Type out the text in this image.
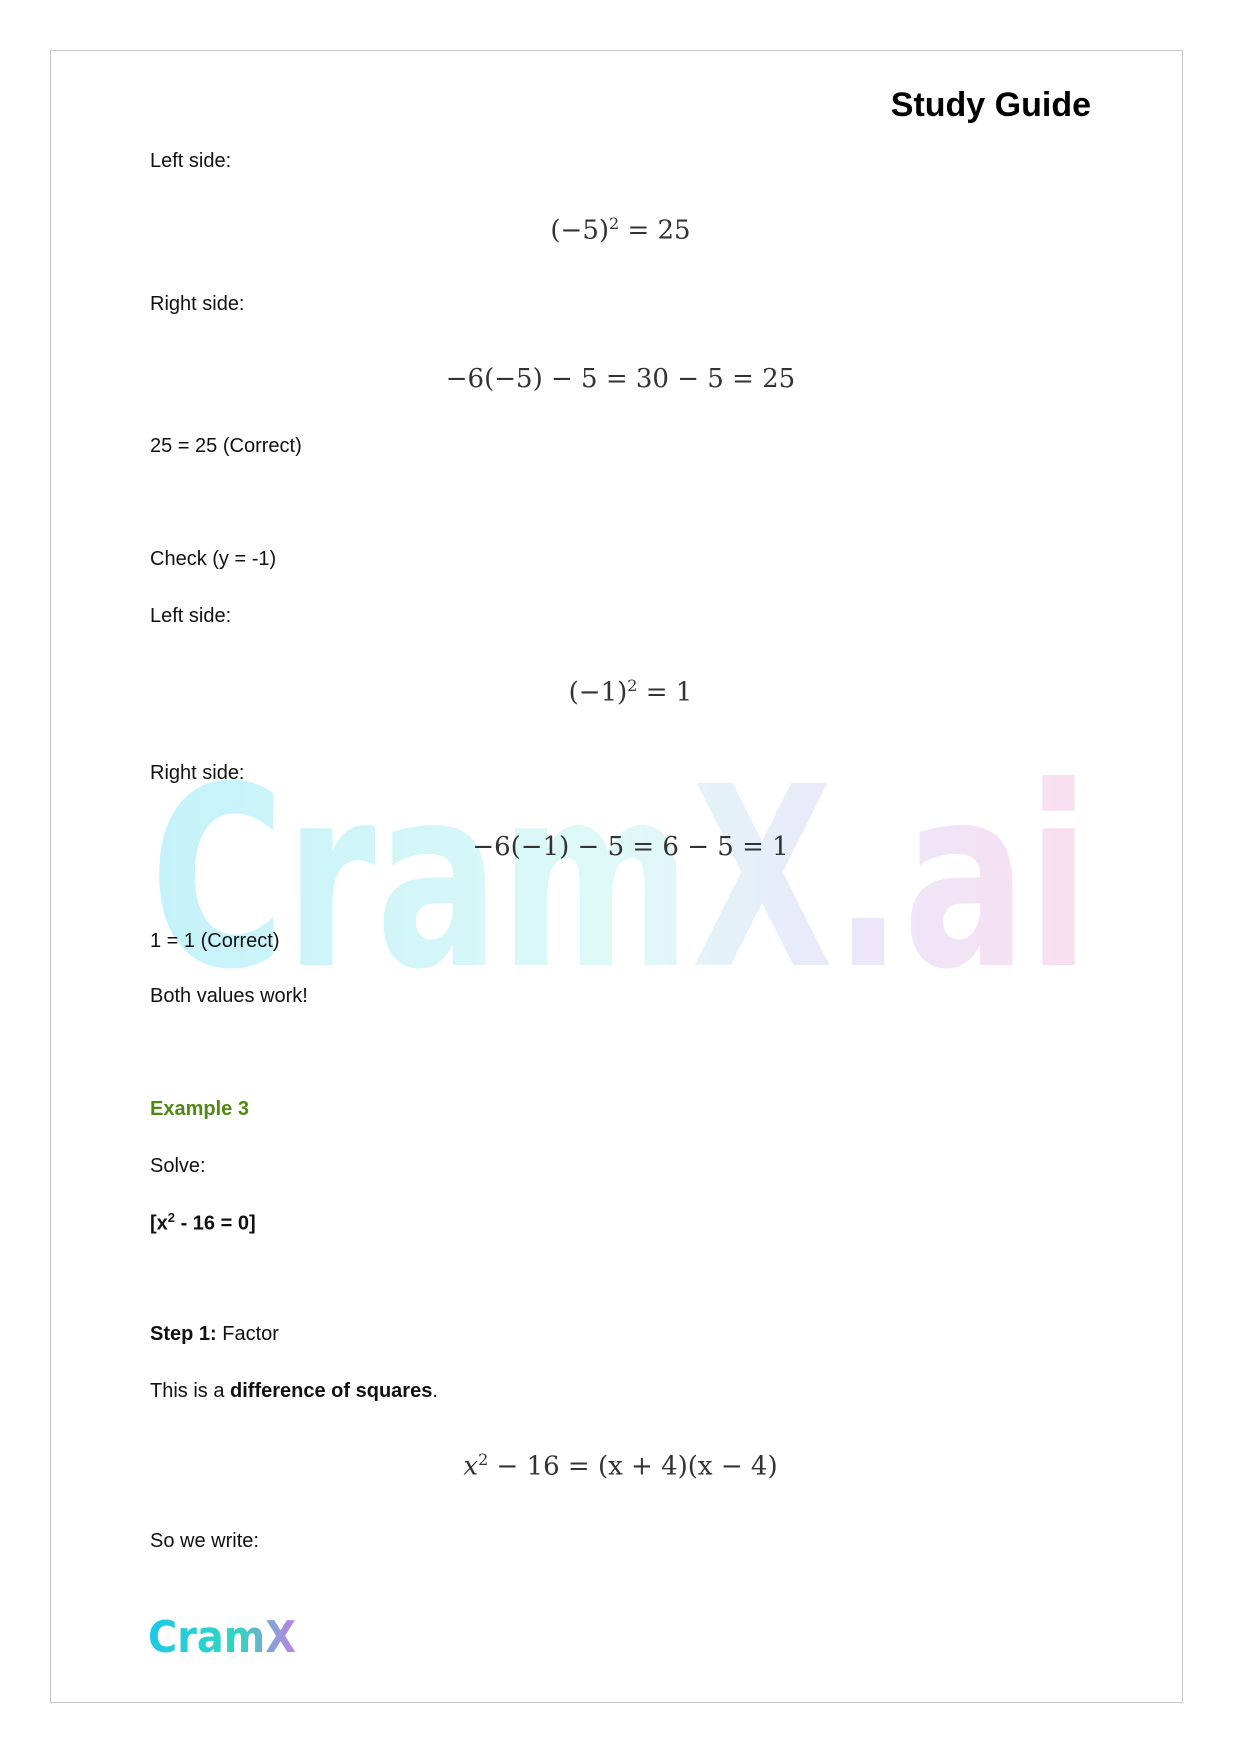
Study Guide
Left side:
$(-5)^2 = 25$
Right side:
−6(−5) − 5 = 30 − 5 = 25
25 = 25 (Correct)
Check (y = -1)
Left side:
$(-1)^2 = 1$
CramX.ai
Right side:
−6(−1) − 5 = 6 − 5 = 1
1 = 1 (Correct)
Both values work!
Example 3
Solve:
$[x^2 - 16 = 0]$
Step 1: Factor
This is a difference of squares.
$x^2 - 16 = (x + 4)(x - 4)$
So we write:
CramX
